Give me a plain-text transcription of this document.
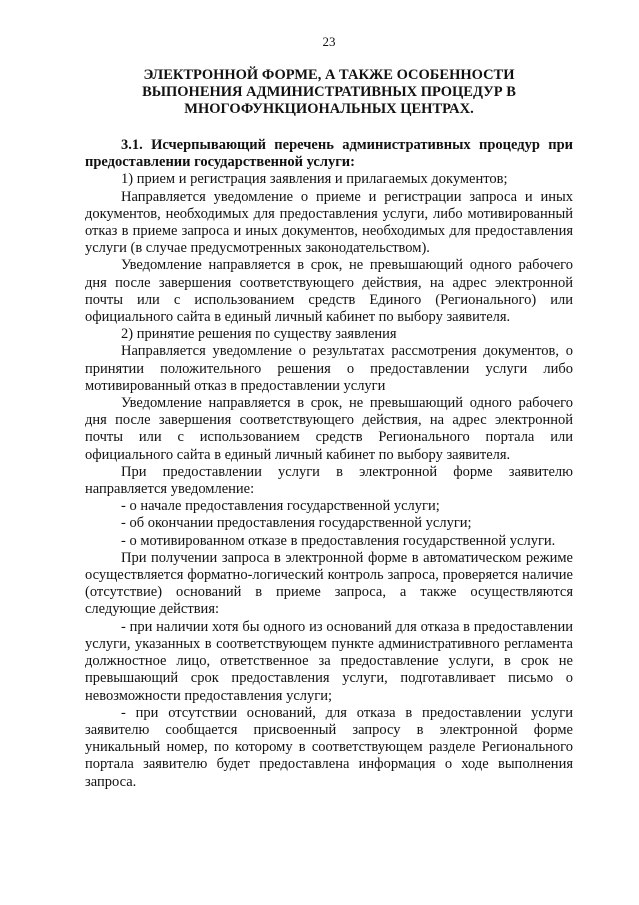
23
ЭЛЕКТРОННОЙ ФОРМЕ, А ТАКЖЕ ОСОБЕННОСТИ
ВЫПОНЕНИЯ АДМИНИСТРАТИВНЫХ ПРОЦЕДУР В
МНОГОФУНКЦИОНАЛЬНЫХ ЦЕНТРАХ.

3.1. Исчерпывающий перечень административных процедур при предоставлении государственной услуги:

1) прием и регистрация заявления и прилагаемых документов;

Направляется уведомление о приеме и регистрации запроса и иных документов, необходимых для предоставления услуги, либо мотивированный отказ в приеме запроса и иных документов, необходимых для предоставления услуги (в случае предусмотренных законодательством).

Уведомление направляется в срок, не превышающий одного рабочего дня после завершения соответствующего действия, на адрес электронной почты или с использованием средств Единого (Регионального) или официального сайта в единый личный кабинет по выбору заявителя.

2) принятие решения по существу заявления

Направляется уведомление о результатах рассмотрения документов, о принятии положительного решения о предоставлении услуги либо мотивированный отказ в предоставлении услуги

Уведомление направляется в срок, не превышающий одного рабочего дня после завершения соответствующего действия, на адрес электронной почты или с использованием средств Регионального портала или официального сайта в единый личный кабинет по выбору заявителя.

При предоставлении услуги в электронной форме заявителю направляется уведомление:

- о начале предоставления государственной услуги;

- об окончании предоставления государственной услуги;

- о мотивированном отказе в предоставления государственной услуги.

При получении запроса в электронной форме в автоматическом режиме осуществляется форматно-логический контроль запроса, проверяется наличие (отсутствие) оснований в приеме запроса, а также осуществляются следующие действия:

- при наличии хотя бы одного из оснований для отказа в предоставлении услуги, указанных в соответствующем пункте административного регламента должностное лицо, ответственное за предоставление услуги, в срок не превышающий срок предоставления услуги, подготавливает письмо о невозможности предоставления услуги;

- при отсутствии оснований, для отказа в предоставлении услуги заявителю сообщается присвоенный запросу в электронной форме уникальный номер, по которому в соответствующем разделе Регионального портала заявителю будет предоставлена информация о ходе выполнения запроса.
